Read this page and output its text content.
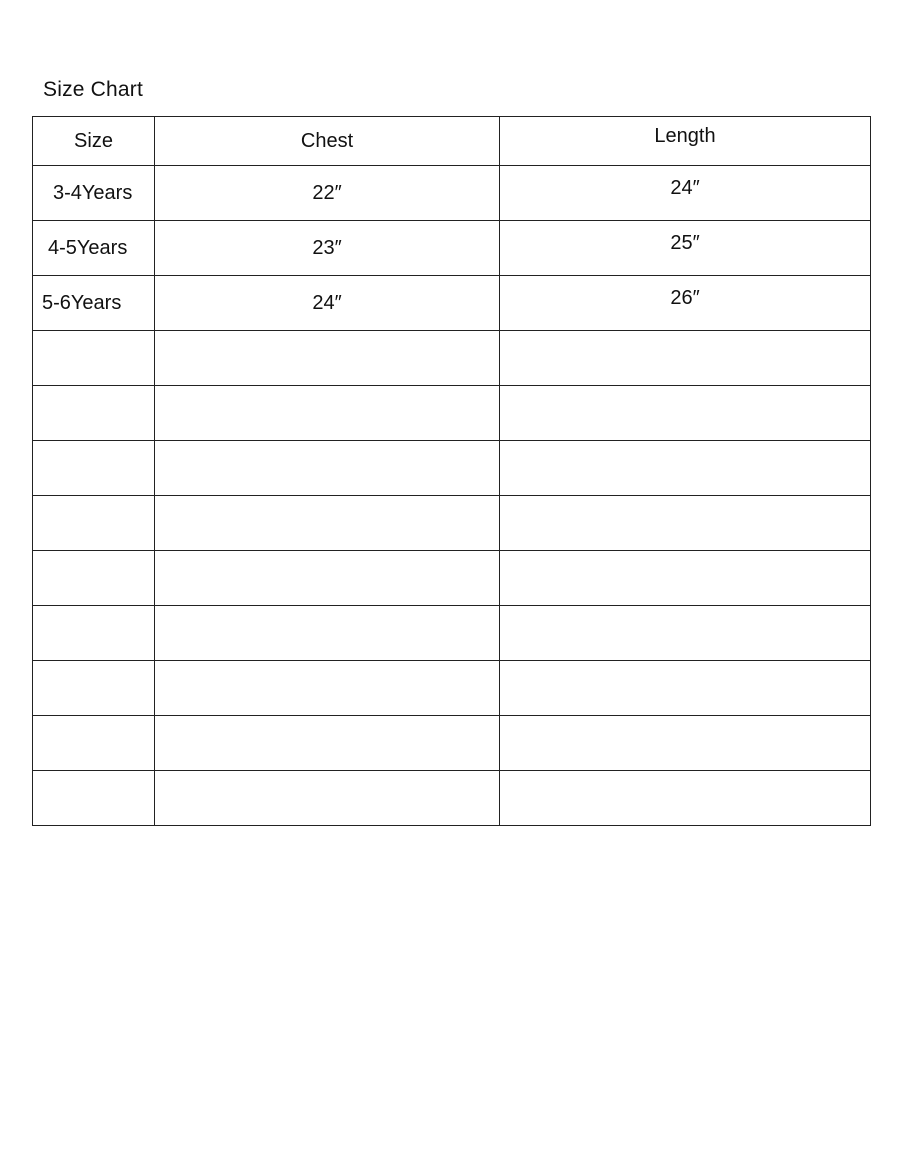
Size Chart
Size	Chest	Length
3-4Years	22″	24″
4-5Years	23″	25″
5-6Years	24″	26″
